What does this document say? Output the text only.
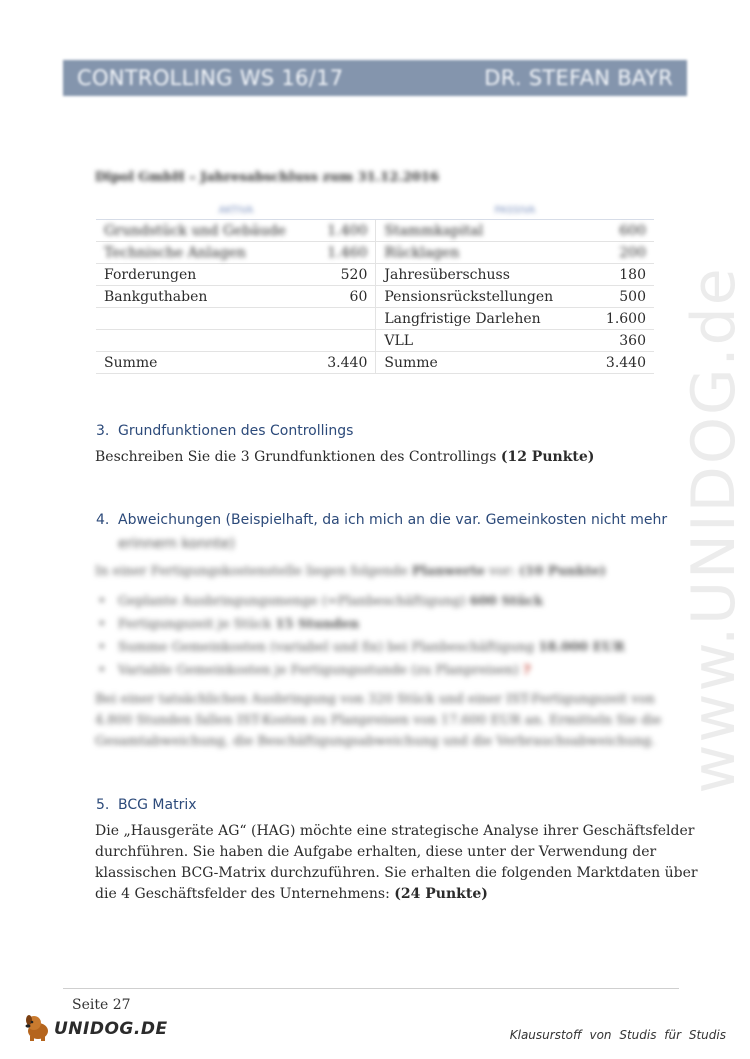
CONTROLLING WS 16/17	DR. STEFAN BAYR
www.UNIDOG.de
Dipol GmbH – Jahresabschluss zum 31.12.2016
AKTIVA		PASSIVA	
Grundstück und Gebäude	1.400	Stammkapital	600
Technische Anlagen	1.460	Rücklagen	200
Forderungen	520	Jahresüberschuss	180
Bankguthaben	60	Pensionsrückstellungen	500
		Langfristige Darlehen	1.600
		VLL	360
Summe	3.440	Summe	3.440
3. Grundfunktionen des Controllings
Beschreiben Sie die 3 Grundfunktionen des Controllings (12 Punkte)
4. Abweichungen (Beispielhaft, da ich mich an die var. Gemeinkosten nicht mehr
erinnern konnte)
In einer Fertigungskostenstelle liegen folgende Planwerte vor: (10 Punkte)
• Geplante Ausbringungsmenge (=Planbeschäftigung) 600 Stück
• Fertigungszeit je Stück 15 Stunden
• Summe Gemeinkosten (variabel und fix) bei Planbeschäftigung 18.000 EUR
• Variable Gemeinkosten je Fertigungsstunde (zu Planpreisen) ?
Bei einer tatsächlichen Ausbringung von 320 Stück und einer IST-Fertigungszeit von
4.800 Stunden fallen IST-Kosten zu Planpreisen von 17.600 EUR an. Ermitteln Sie die
Gesamtabweichung, die Beschäftigungsabweichung und die Verbrauchsabweichung.
5. BCG Matrix
Die „Hausgeräte AG“ (HAG) möchte eine strategische Analyse ihrer Geschäftsfelder
durchführen. Sie haben die Aufgabe erhalten, diese unter der Verwendung der
klassischen BCG-Matrix durchzuführen. Sie erhalten die folgenden Marktdaten über
die 4 Geschäftsfelder des Unternehmens: (24 Punkte)
Seite 27
UNIDOG.DE	Klausurstoff von Studis für Studis
